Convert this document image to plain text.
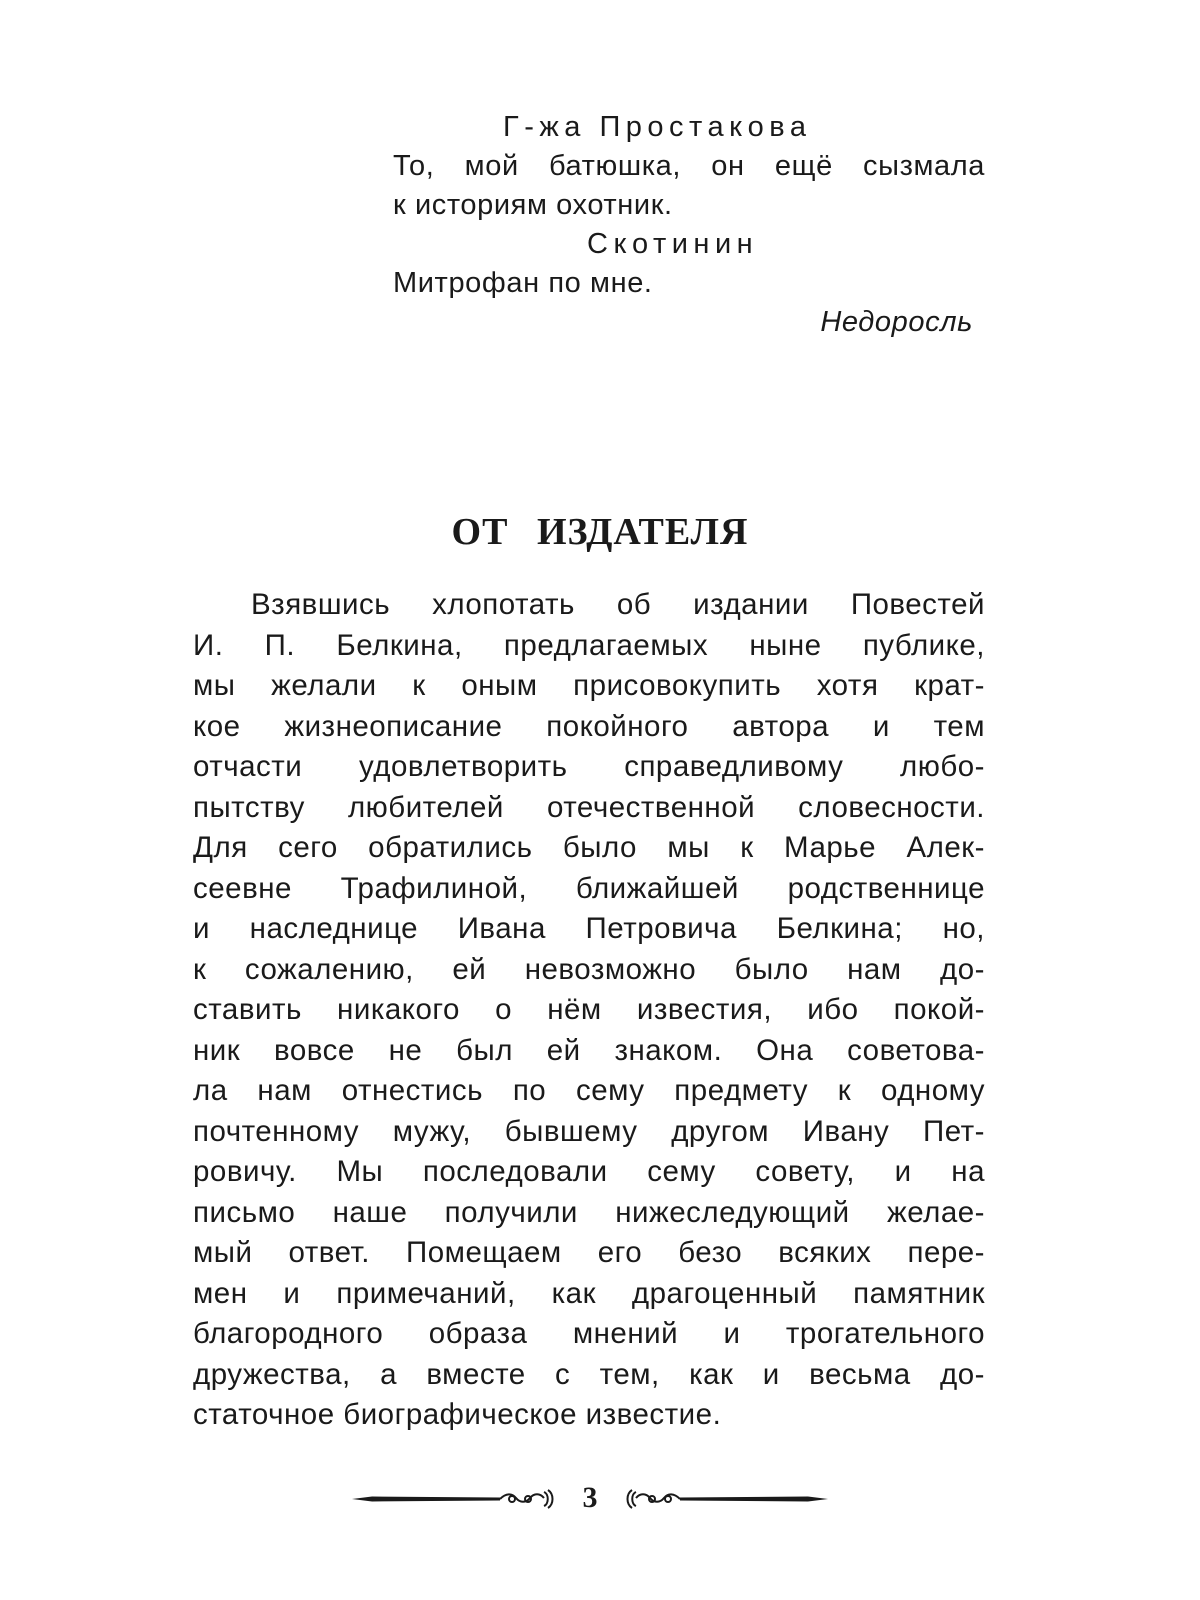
Г-жа Простакова
То, мой батюшка, он ещё сызмала
к историям охотник.
Скотинин
Митрофан по мне.
Недоросль
ОТ ИЗДАТЕЛЯ
Взявшись хлопотать об издании Повестей
И. П. Белкина, предлагаемых ныне публике,
мы желали к оным присовокупить хотя крат-
кое жизнеописание покойного автора и тем
отчасти удовлетворить справедливому любо-
пытству любителей отечественной словесности.
Для сего обратились было мы к Марье Алек-
сеевне Трафилиной, ближайшей родственнице
и наследнице Ивана Петровича Белкина; но,
к сожалению, ей невозможно было нам до-
ставить никакого о нём известия, ибо покой-
ник вовсе не был ей знаком. Она советова-
ла нам отнестись по сему предмету к одному
почтенному мужу, бывшему другом Ивану Пет-
ровичу. Мы последовали сему совету, и на
письмо наше получили нижеследующий желае-
мый ответ. Помещаем его безо всяких пере-
мен и примечаний, как драгоценный памятник
благородного образа мнений и трогательного
дружества, а вместе с тем, как и весьма до-
статочное биографическое известие.
3
